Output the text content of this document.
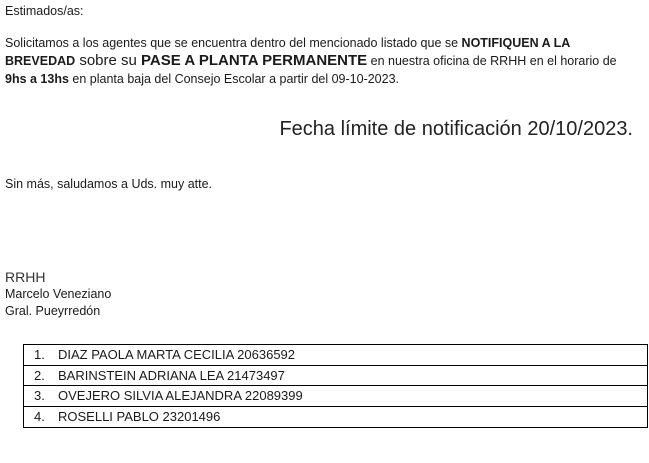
Estimados/as:
Solicitamos a los agentes que se encuentra dentro del mencionado listado que se NOTIFIQUEN A LA BREVEDAD sobre su PASE A PLANTA PERMANENTE en nuestra oficina de RRHH en el horario de 9hs a 13hs en planta baja del Consejo Escolar a partir del 09-10-2023.
Fecha límite de notificación 20/10/2023.
Sin más, saludamos a Uds. muy atte.
RRHH
Marcelo Veneziano
Gral. Pueyrredón
1.	DIAZ PAOLA MARTA CECILIA 20636592
2.	BARINSTEIN ADRIANA LEA 21473497
3.	OVEJERO SILVIA ALEJANDRA 22089399
4.	ROSELLI PABLO 23201496
